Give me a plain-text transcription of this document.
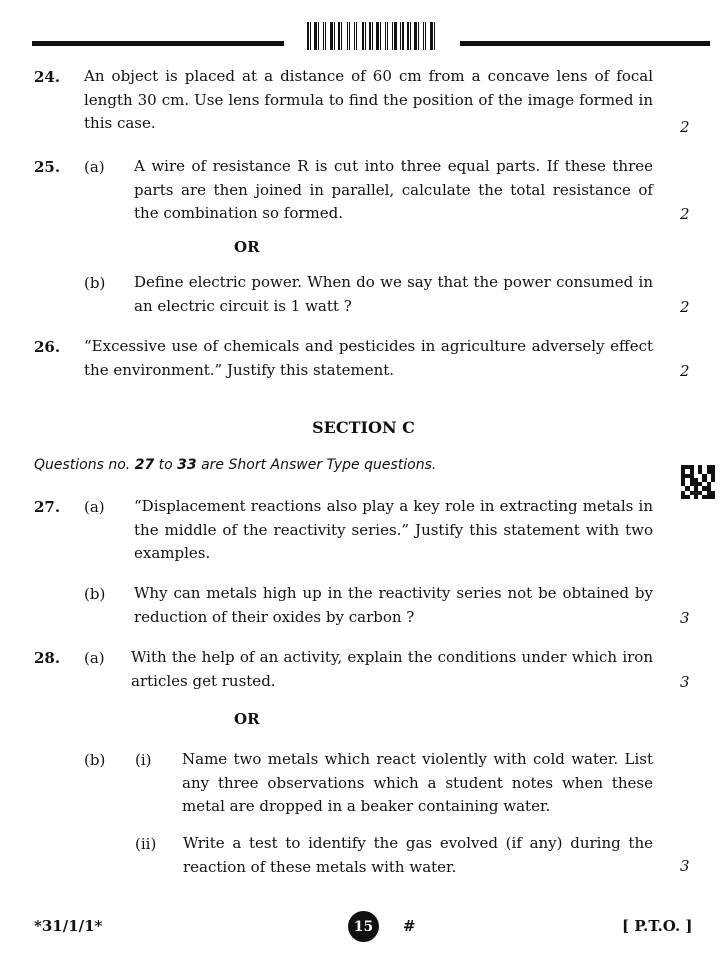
24. An object is placed at a distance of 60 cm from a concave lens of focal length 30 cm. Use lens formula to find the position of the image formed in this case.	2
25. (a) A wire of resistance R is cut into three equal parts. If these three parts are then joined in parallel, calculate the total resistance of the combination so formed.	2
OR
(b) Define electric power. When do we say that the power consumed in an electric circuit is 1 watt ?	2
26. “Excessive use of chemicals and pesticides in agriculture adversely effect the environment.” Justify this statement.	2
SECTION C
Questions no. 27 to 33 are Short Answer Type questions.
27. (a) “Displacement reactions also play a key role in extracting metals in the middle of the reactivity series.” Justify this statement with two examples.
(b) Why can metals high up in the reactivity series not be obtained by reduction of their oxides by carbon ?	3
28. (a) With the help of an activity, explain the conditions under which iron articles get rusted.	3
OR
(b) (i) Name two metals which react violently with cold water. List any three observations which a student notes when these metal are dropped in a beaker containing water.
(ii) Write a test to identify the gas evolved (if any) during the reaction of these metals with water.	3
*31/1/1*	15	#	[ P.T.O. ]
